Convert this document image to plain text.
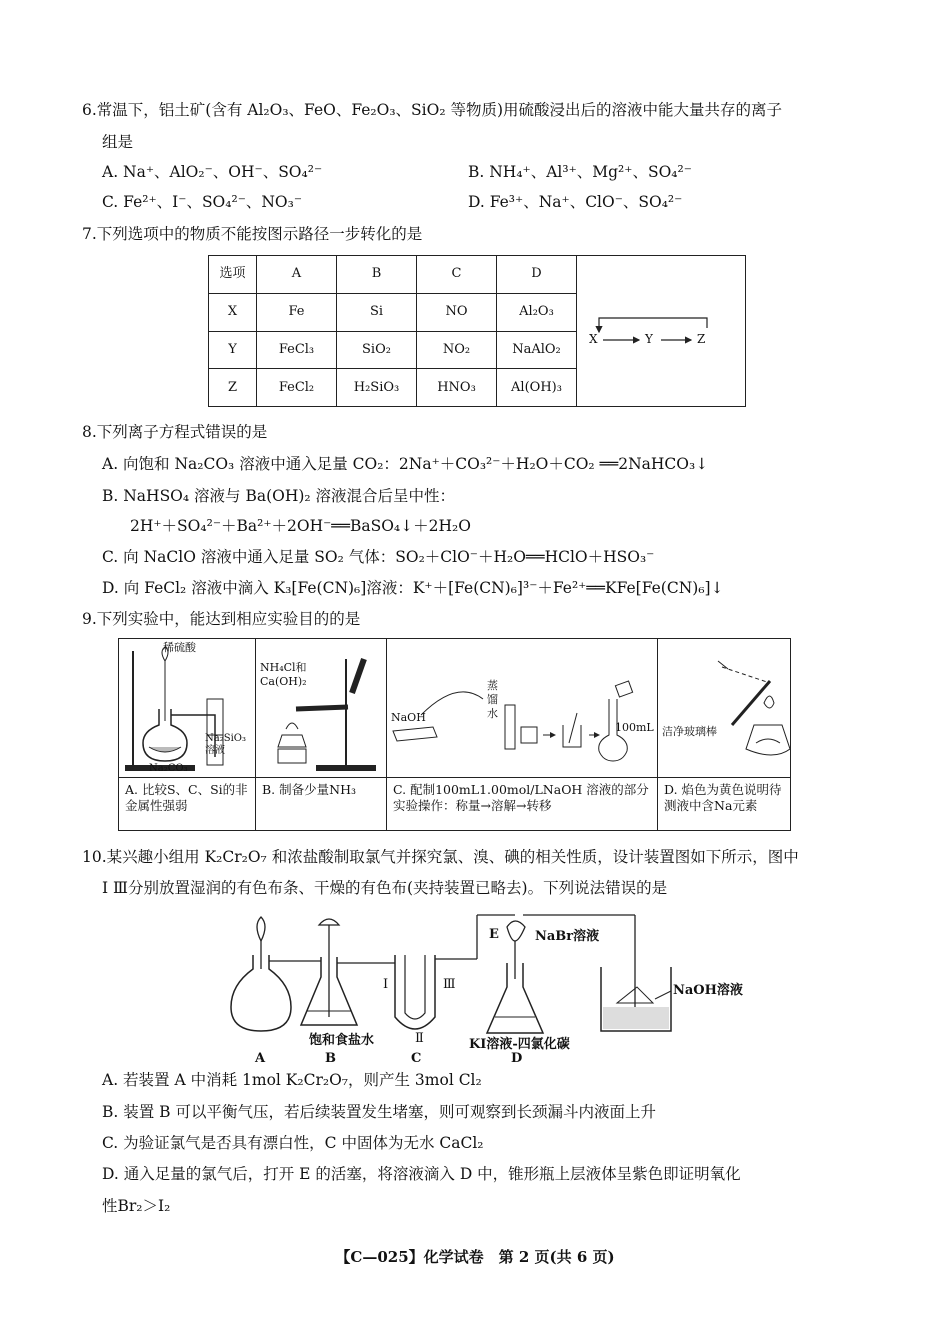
6.常温下，铝土矿(含有 Al₂O₃、FeO、Fe₂O₃、SiO₂ 等物质)用硫酸浸出后的溶液中能大量共存的离子
组是
A. Na⁺、AlO₂⁻、OH⁻、SO₄²⁻	B. NH₄⁺、Al³⁺、Mg²⁺、SO₄²⁻
C. Fe²⁺、I⁻、SO₄²⁻、NO₃⁻	D. Fe³⁺、Na⁺、ClO⁻、SO₄²⁻
7.下列选项中的物质不能按图示路径一步转化的是
选项	A	B	C	D	X Y Z

X	Fe	Si	NO	Al₂O₃	
Y	FeCl₃	SiO₂	NO₂	NaAlO₂	
Z	FeCl₂	H₂SiO₃	HNO₃	Al(OH)₃	
8.下列离子方程式错误的是
A. 向饱和 Na₂CO₃ 溶液中通入足量 CO₂：2Na⁺＋CO₃²⁻＋H₂O＋CO₂ ══2NaHCO₃↓
B. NaHSO₄ 溶液与 Ba(OH)₂ 溶液混合后呈中性：
2H⁺＋SO₄²⁻＋Ba²⁺＋2OH⁻══BaSO₄↓＋2H₂O
C. 向 NaClO 溶液中通入足量 SO₂ 气体：SO₂＋ClO⁻＋H₂O══HClO＋HSO₃⁻
D. 向 FeCl₂ 溶液中滴入 K₃[Fe(CN)₆]溶液：K⁺＋[Fe(CN)₆]³⁻＋Fe²⁺══KFe[Fe(CN)₆]↓
9.下列实验中，能达到相应实验目的的是
稀硫酸
Na₂SiO₃
溶液
Na₂CO₃	NH₄Cl和
Ca(OH)₂	NaOH
蒸
馏
水
100mL	洁净玻璃棒

A. 比较S、C、Si的非金属性强弱	B. 制备少量NH₃	C. 配制100mL1.00mol/LNaOH 溶液的部分实验操作：称量→溶解→转移	D. 焰色为黄色说明待测液中含Na元素
10.某兴趣小组用 K₂Cr₂O₇ 和浓盐酸制取氯气并探究氯、溴、碘的相关性质，设计装置图如下所示，图中
Ⅰ Ⅲ分别放置湿润的有色布条、干燥的有色布(夹持装置已略去)。下列说法错误的是
E	NaBr溶液
NaOH溶液
Ⅰ
Ⅱ
Ⅲ
饱和食盐水	KI溶液-四氯化碳
A	B	C	D
A. 若装置 A 中消耗 1mol K₂Cr₂O₇，则产生 3mol Cl₂
B. 装置 B 可以平衡气压，若后续装置发生堵塞，则可观察到长颈漏斗内液面上升
C. 为验证氯气是否具有漂白性，C 中固体为无水 CaCl₂
D. 通入足量的氯气后，打开 E 的活塞，将溶液滴入 D 中，锥形瓶上层液体呈紫色即证明氧化
性Br₂＞I₂
【C—025】化学试卷　第 2 页(共 6 页)
